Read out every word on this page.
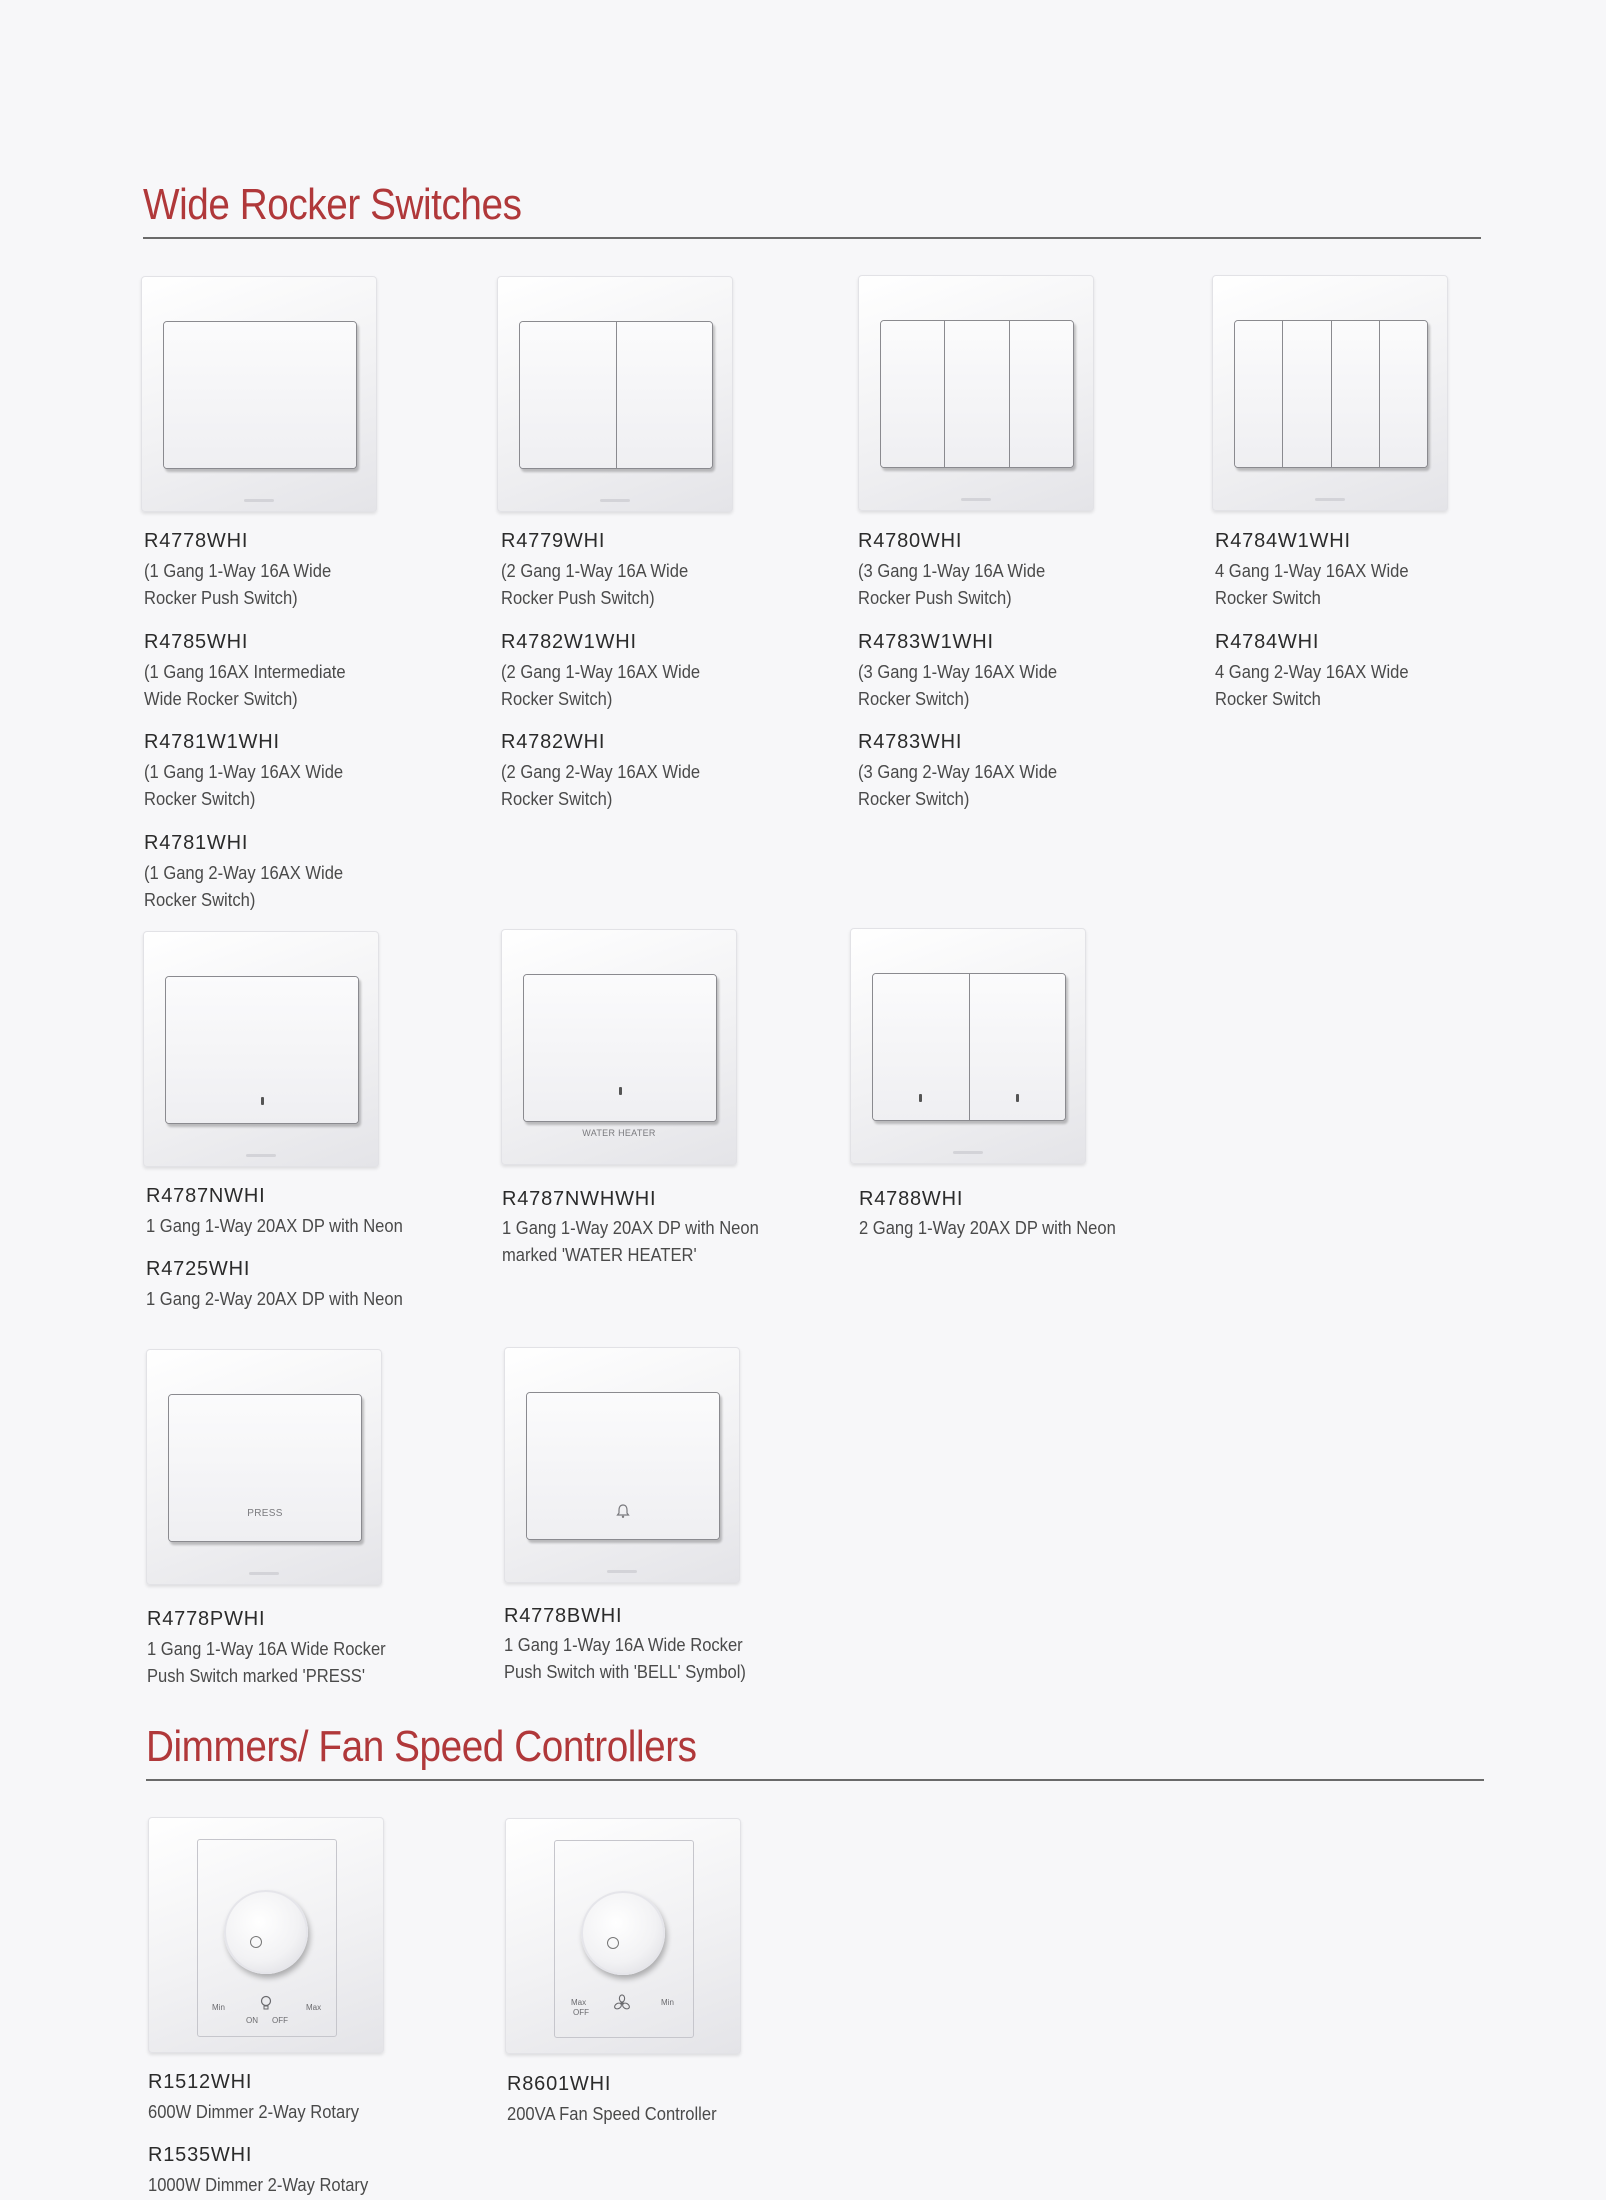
Wide Rocker Switches
R4778WHI
(1 Gang 1-Way 16A Wide
Rocker Push Switch)
R4785WHI
(1 Gang 16AX Intermediate
Wide Rocker Switch)
R4781W1WHI
(1 Gang 1-Way 16AX Wide
Rocker Switch)
R4781WHI
(1 Gang 2-Way 16AX Wide
Rocker Switch)
R4779WHI
(2 Gang 1-Way 16A Wide
Rocker Push Switch)
R4782W1WHI
(2 Gang 1-Way 16AX Wide
Rocker Switch)
R4782WHI
(2 Gang 2-Way 16AX Wide
Rocker Switch)
R4780WHI
(3 Gang 1-Way 16A Wide
Rocker Push Switch)
R4783W1WHI
(3 Gang 1-Way 16AX Wide
Rocker Switch)
R4783WHI
(3 Gang 2-Way 16AX Wide
Rocker Switch)
R4784W1WHI
4 Gang 1-Way 16AX Wide
Rocker Switch
R4784WHI
4 Gang 2-Way 16AX Wide
Rocker Switch
WATER HEATER
R4787NWHI
1 Gang 1-Way 20AX DP with Neon
R4725WHI
1 Gang 2-Way 20AX DP with Neon
R4787NWHWHI
1 Gang 1-Way 20AX DP with Neon
marked 'WATER HEATER'
R4788WHI
2 Gang 1-Way 20AX DP with Neon
PRESS
R4778PWHI
1 Gang 1-Way 16A Wide Rocker
Push Switch marked 'PRESS'
R4778BWHI
1 Gang 1-Way 16A Wide Rocker
Push Switch with 'BELL' Symbol)
Dimmers/ Fan Speed Controllers
Min	Max
ON OFF
Max
OFF
Min
R1512WHI
600W Dimmer 2-Way Rotary
R1535WHI
1000W Dimmer 2-Way Rotary
R8601WHI
200VA Fan Speed Controller
